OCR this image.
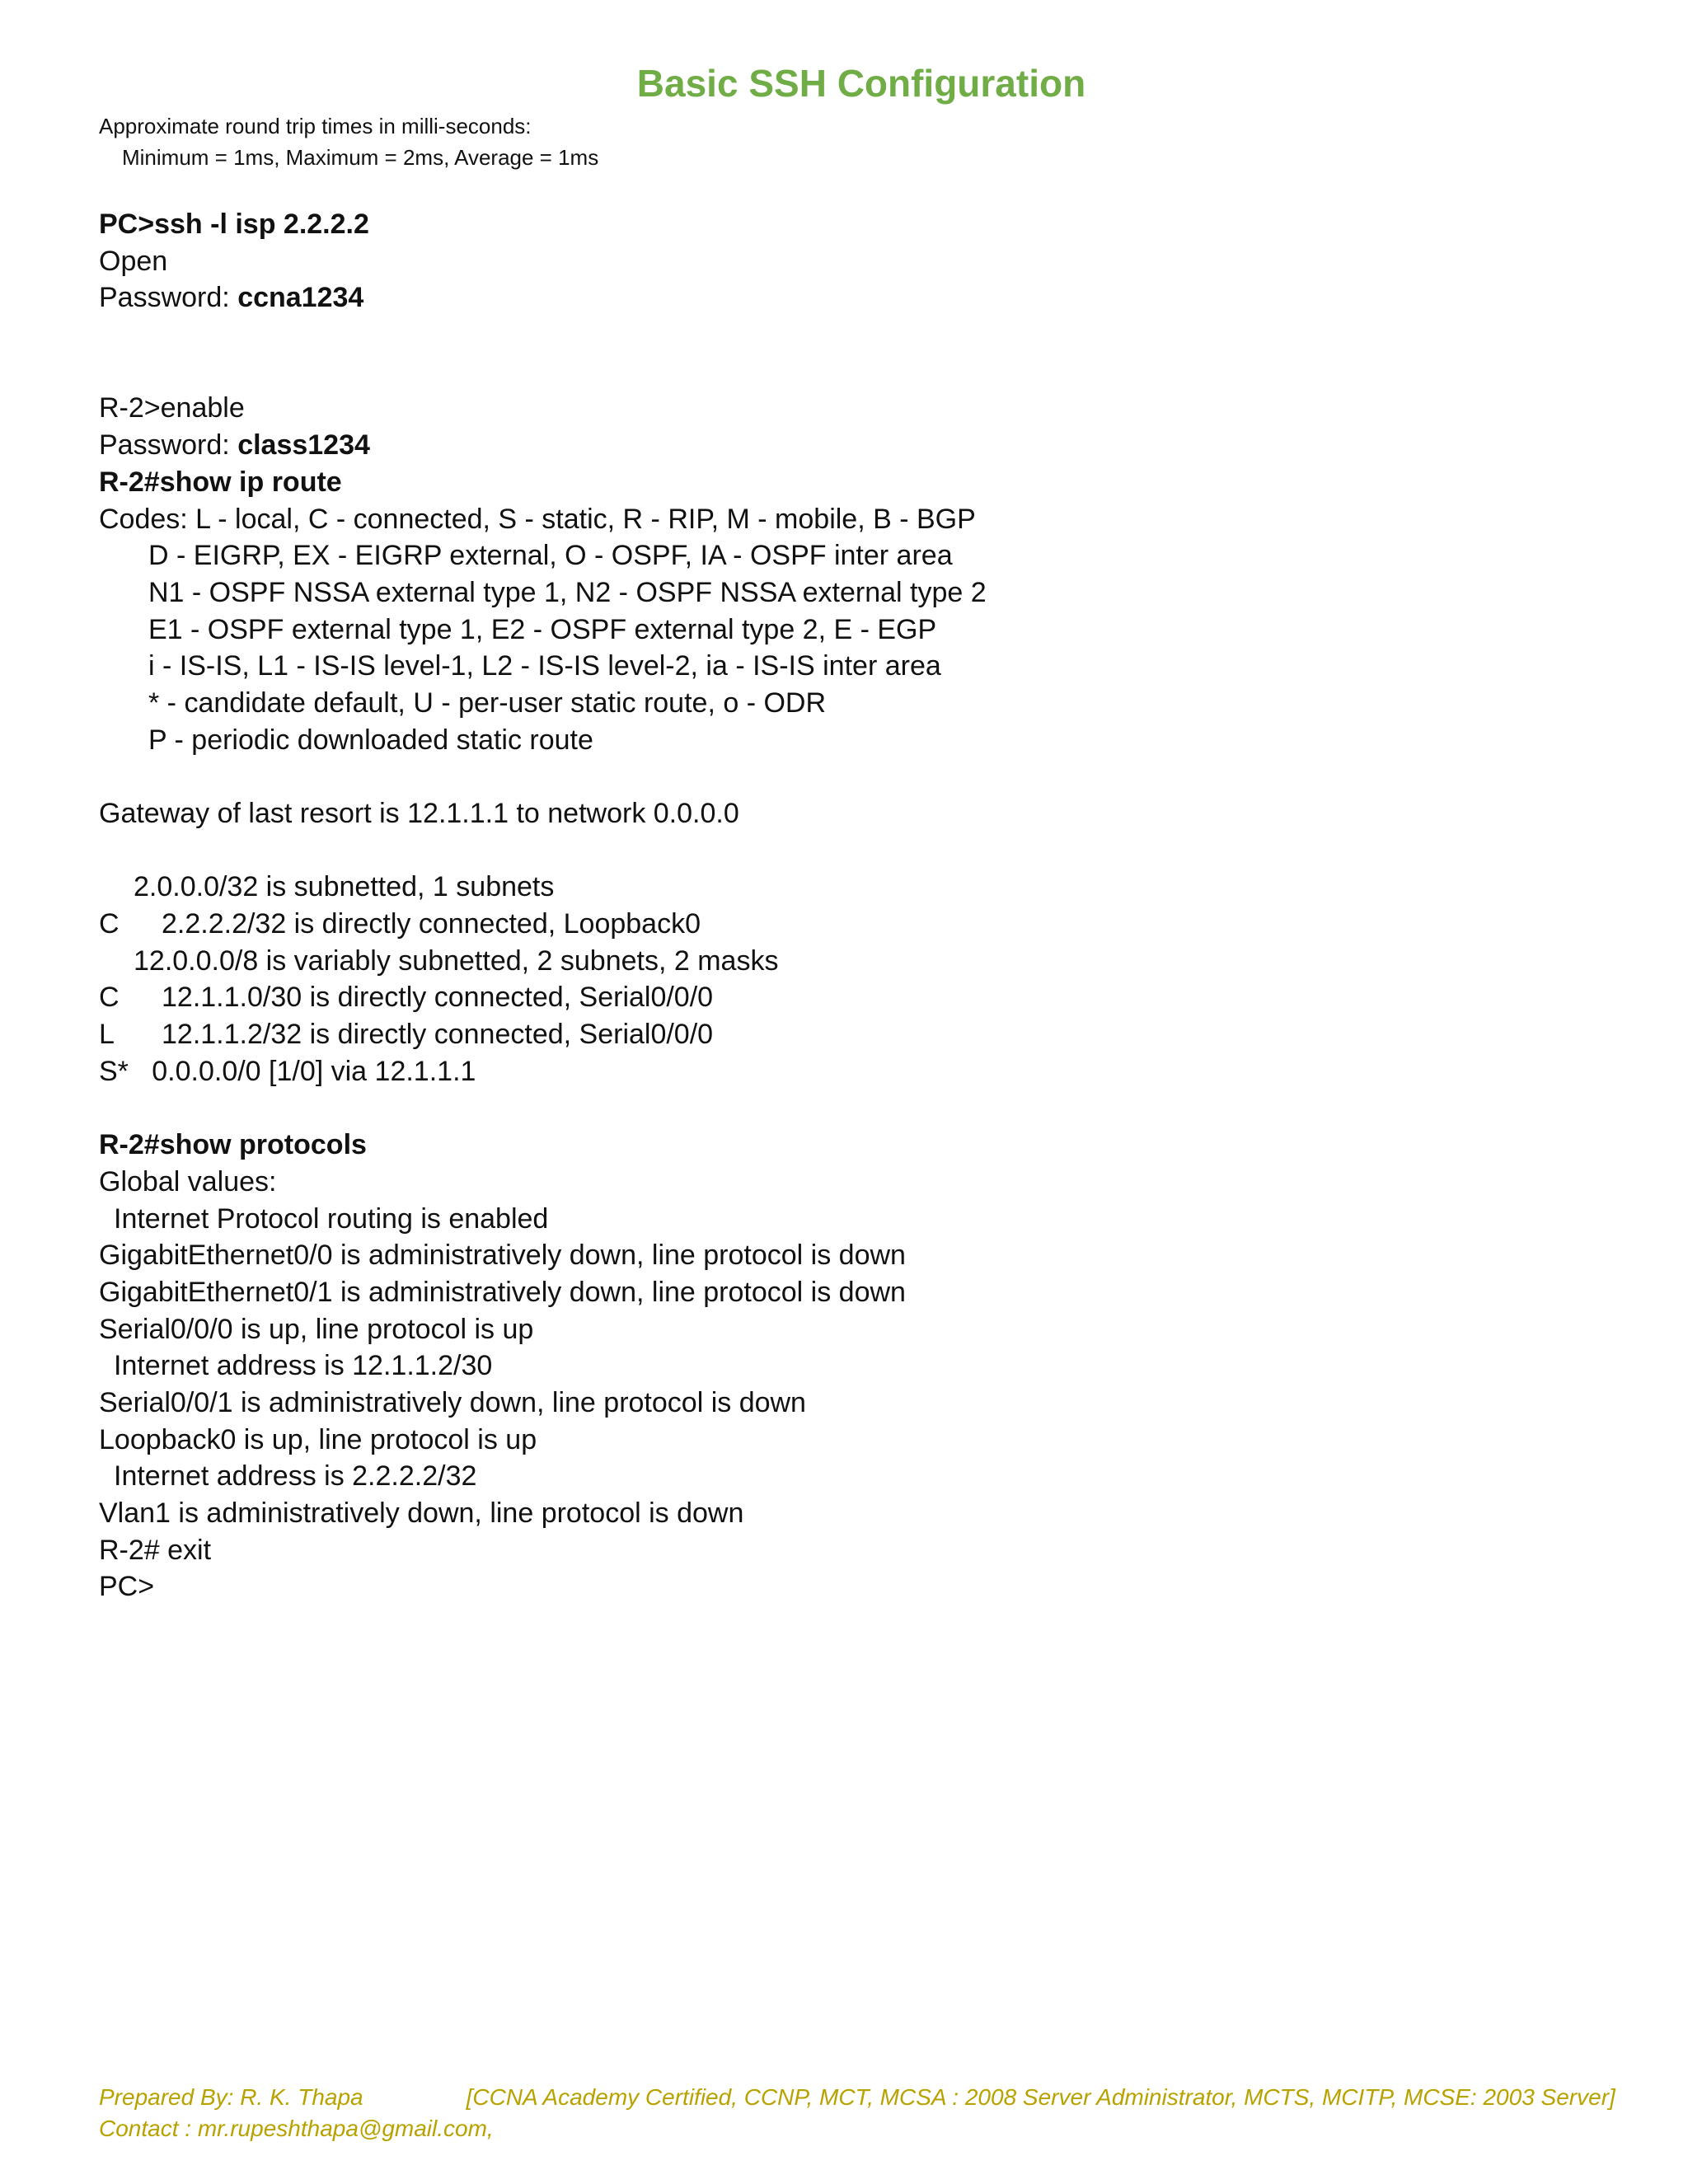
Basic SSH Configuration
Approximate round trip times in milli-seconds:
Minimum = 1ms, Maximum = 2ms, Average = 1ms
PC>ssh -l isp 2.2.2.2
Open
Password: ccna1234
R-2>enable
Password: class1234
R-2#show ip route
Codes: L - local, C - connected, S - static, R - RIP, M - mobile, B - BGP
D - EIGRP, EX - EIGRP external, O - OSPF, IA - OSPF inter area
N1 - OSPF NSSA external type 1, N2 - OSPF NSSA external type 2
E1 - OSPF external type 1, E2 - OSPF external type 2, E - EGP
i - IS-IS, L1 - IS-IS level-1, L2 - IS-IS level-2, ia - IS-IS inter area
* - candidate default, U - per-user static route, o - ODR
P - periodic downloaded static route
Gateway of last resort is 12.1.1.1 to network 0.0.0.0
2.0.0.0/32 is subnetted, 1 subnets
C 2.2.2.2/32 is directly connected, Loopback0
12.0.0.0/8 is variably subnetted, 2 subnets, 2 masks
C 12.1.1.0/30 is directly connected, Serial0/0/0
L 12.1.1.2/32 is directly connected, Serial0/0/0
S*   0.0.0.0/0 [1/0] via 12.1.1.1
R-2#show protocols
Global values:
Internet Protocol routing is enabled
GigabitEthernet0/0 is administratively down, line protocol is down
GigabitEthernet0/1 is administratively down, line protocol is down
Serial0/0/0 is up, line protocol is up
Internet address is 12.1.1.2/30
Serial0/0/1 is administratively down, line protocol is down
Loopback0 is up, line protocol is up
Internet address is 2.2.2.2/32
Vlan1 is administratively down, line protocol is down
R-2# exit
PC>
Prepared By: R. K. Thapa	[CCNA Academy Certified, CCNP, MCT, MCSA : 2008 Server Administrator, MCTS, MCITP, MCSE: 2003 Server]
Contact : mr.rupeshthapa@gmail.com,
